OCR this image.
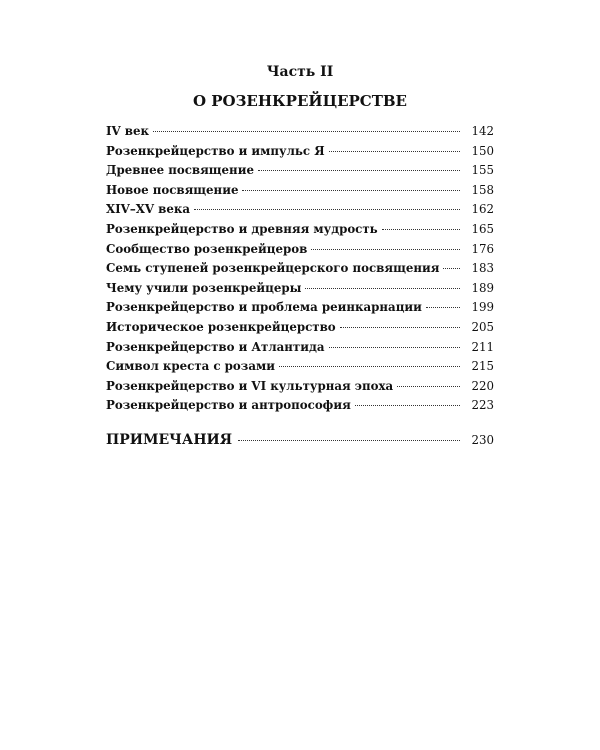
Часть II
О РОЗЕНКРЕЙЦЕРСТВЕ
IV век	142
Розенкрейцерство и импульс Я	150
Древнее посвящение	155
Новое посвящение	158
XIV–XV века	162
Розенкрейцерство и древняя мудрость	165
Сообщество розенкрейцеров	176
Семь ступеней розенкрейцерского посвящения	183
Чему учили розенкрейцеры	189
Розенкрейцерство и проблема реинкарнации	199
Историческое розенкрейцерство	205
Розенкрейцерство и Атлантида	211
Символ креста с розами	215
Розенкрейцерство и VI культурная эпоха	220
Розенкрейцерство и антропософия	223
ПРИМЕЧАНИЯ	230
